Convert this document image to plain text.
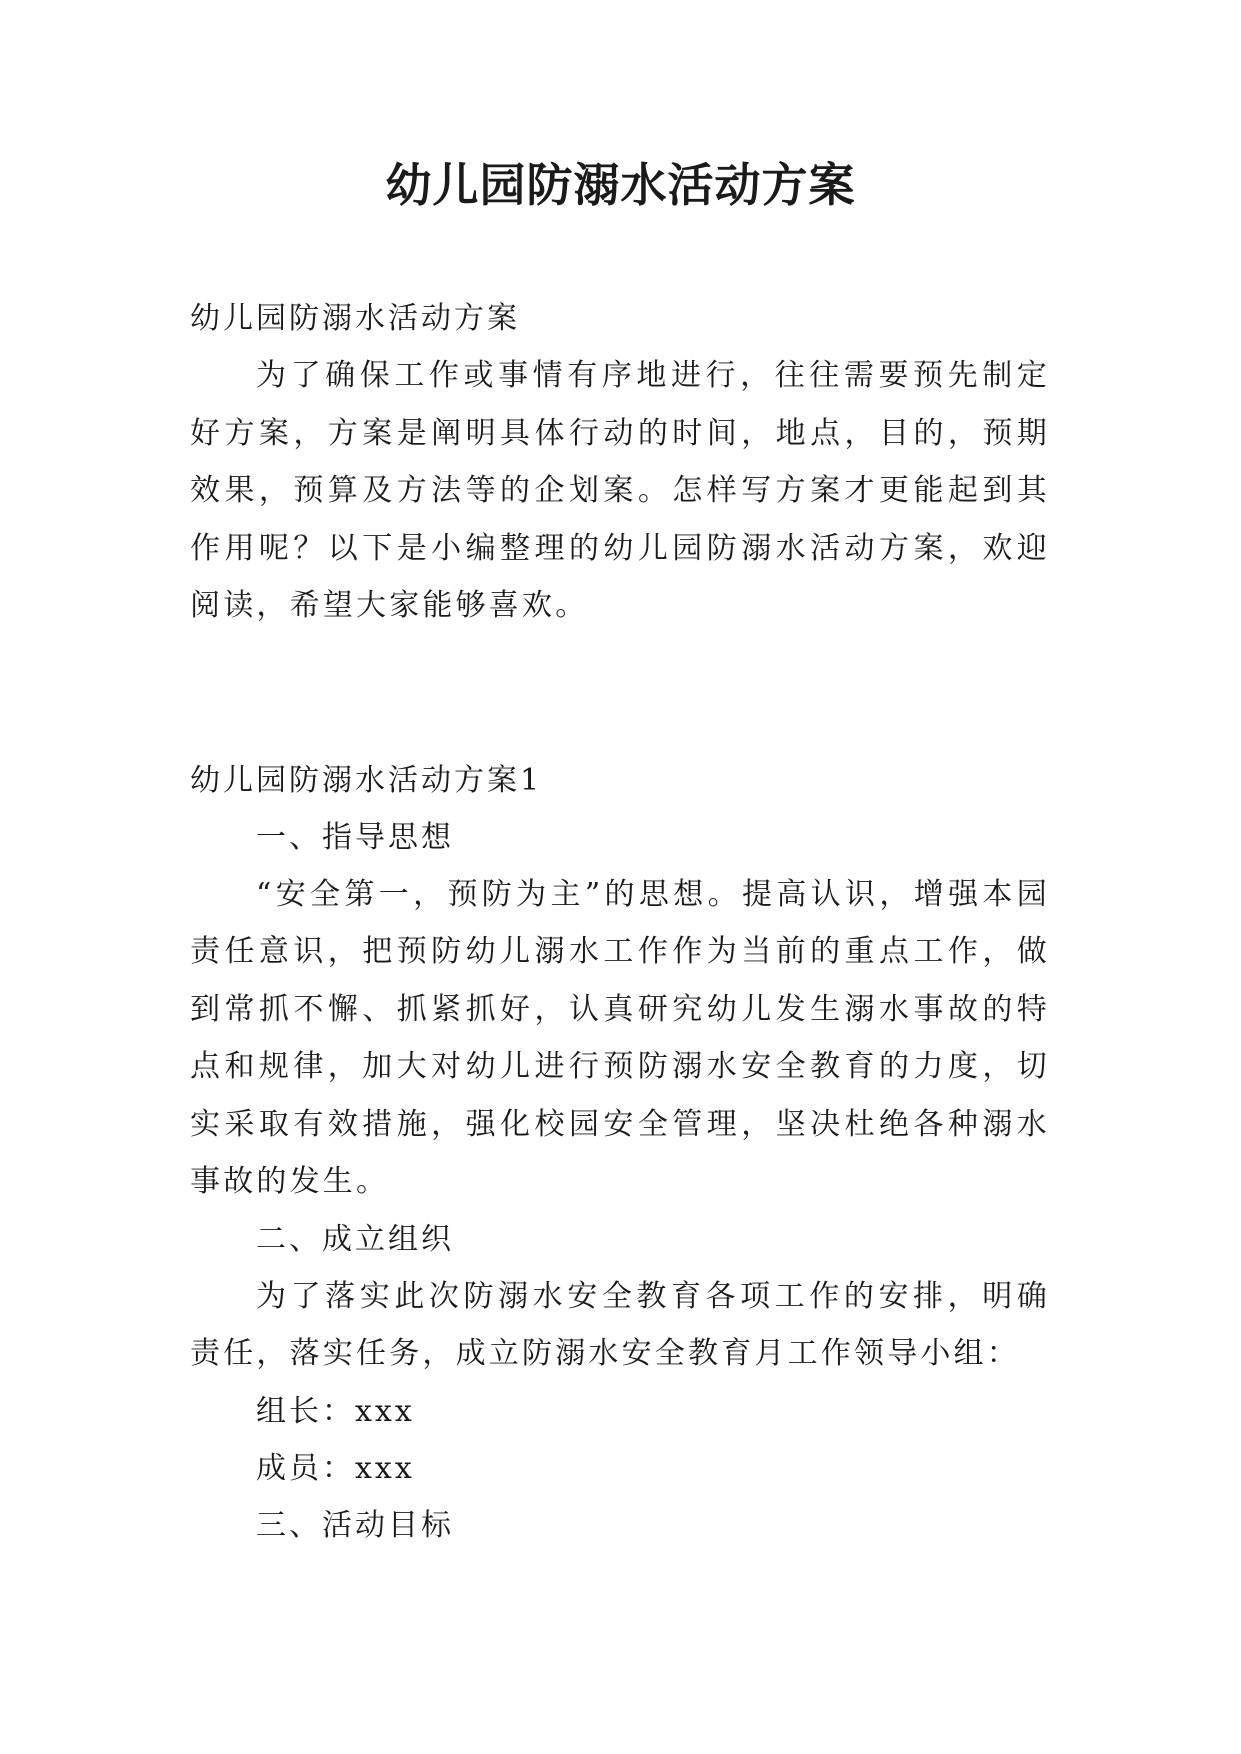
幼儿园防溺水活动方案

幼儿园防溺水活动方案

为了确保工作或事情有序地进行，往往需要预先制定好方案，方案是阐明具体行动的时间，地点，目的，预期效果，预算及方法等的企划案。怎样写方案才更能起到其作用呢？以下是小编整理的幼儿园防溺水活动方案，欢迎阅读，希望大家能够喜欢。

幼儿园防溺水活动方案1

一、指导思想

“安全第一，预防为主”的思想。提高认识，增强本园责任意识，把预防幼儿溺水工作作为当前的重点工作，做到常抓不懈、抓紧抓好，认真研究幼儿发生溺水事故的特点和规律，加大对幼儿进行预防溺水安全教育的力度，切实采取有效措施，强化校园安全管理，坚决杜绝各种溺水事故的发生。

二、成立组织

为了落实此次防溺水安全教育各项工作的安排，明确责任，落实任务，成立防溺水安全教育月工作领导小组：

组长：xxx

成员：xxx

三、活动目标
